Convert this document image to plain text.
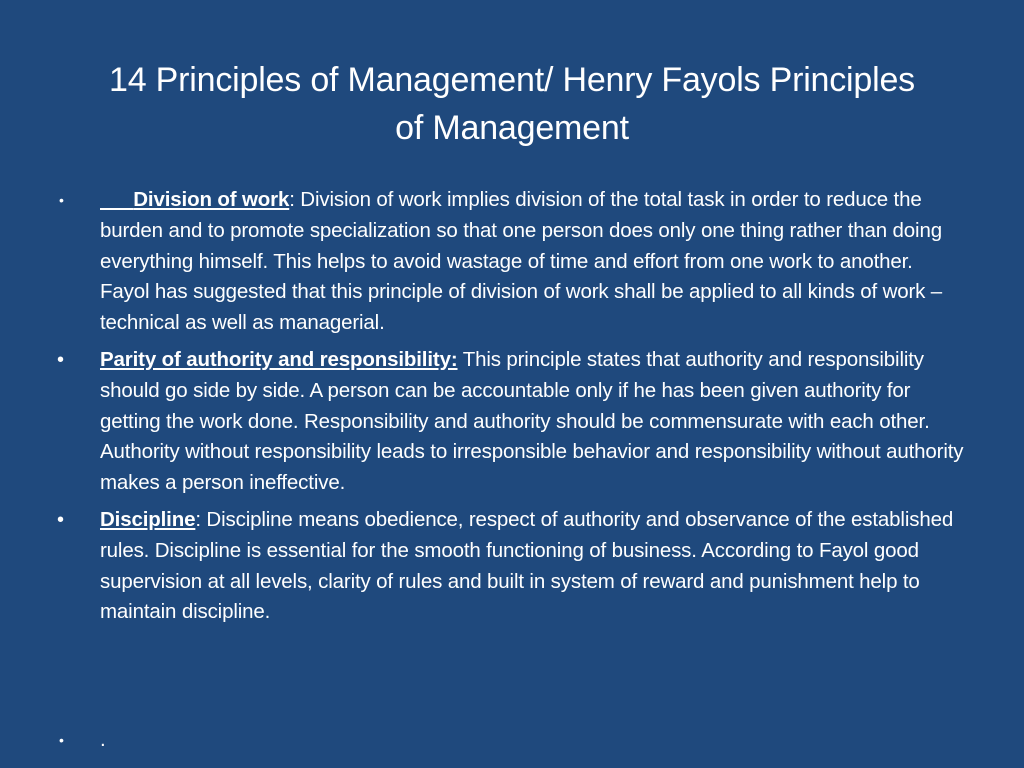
14 Principles of Management/ Henry Fayols Principles
of Management
•	Division of work: Division of work implies division of the total task in order to reduce the burden and to promote specialization so that one person does only one thing rather than doing everything himself. This helps to avoid wastage of time and effort from one work to another. Fayol has suggested that this principle of division of work shall be applied to all kinds of work – technical as well as managerial.
• Parity of authority and responsibility: This principle states that authority and responsibility should go side by side. A person can be accountable only if he has been given authority for getting the work done. Responsibility and authority should be commensurate with each other. Authority without responsibility leads to irresponsible behavior and responsibility without authority makes a person ineffective.
• Discipline: Discipline means obedience, respect of authority and observance of the established rules. Discipline is essential for the smooth functioning of business. According to Fayol good supervision at all levels, clarity of rules and built in system of reward and punishment help to maintain discipline.
• .
